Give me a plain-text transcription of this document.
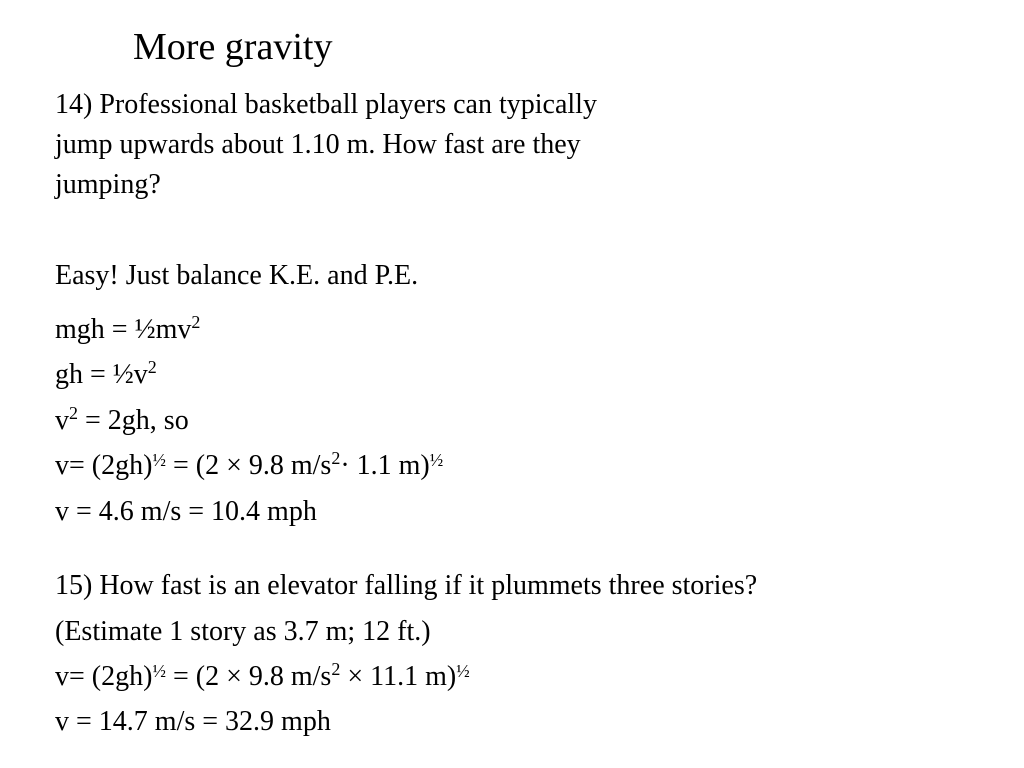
More gravity
14) Professional basketball players can typically
jump upwards about 1.10 m. How fast are they
jumping?
Easy! Just balance K.E. and P.E.
mgh = $\frac{1}{2}mv^2$
gh = $\frac{1}{2}v^2$
$v^2 = 2gh$, so
$v= (2gh)^{\frac{1}{2}} = (2 \times 9.8$ $m/s^2\cdot 1.1$ m)$^{\frac{1}{2}}$
v = 4.6 m/s = 10.4 mph
15) How fast is an elevator falling if it plummets three stories?
(Estimate 1 story as 3.7 m; 12 ft.)
$v= (2gh)^{\frac{1}{2}} = (2 \times 9.8$ $m/s^2 \times 11.1$ m)$^{\frac{1}{2}}$
v = 14.7 m/s = 32.9 mph
